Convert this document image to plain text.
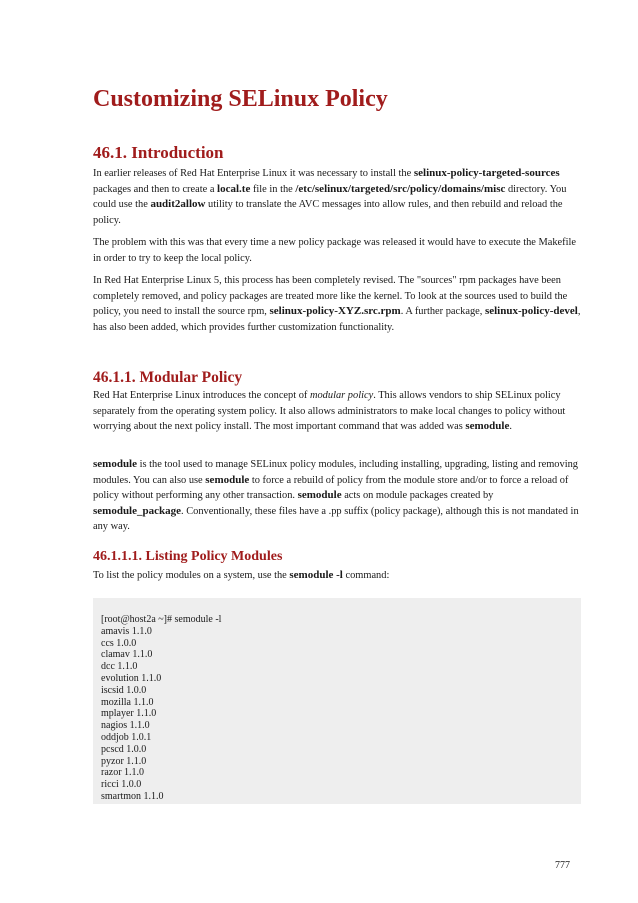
Customizing SELinux Policy
46.1. Introduction

In earlier releases of Red Hat Enterprise Linux it was necessary to install the selinux-policy-targeted-sources packages and then to create a local.te file in the /etc/selinux/targeted/src/policy/domains/misc directory. You could use the audit2allow utility to translate the AVC messages into allow rules, and then rebuild and reload the policy.

The problem with this was that every time a new policy package was released it would have to execute the Makefile in order to try to keep the local policy.

In Red Hat Enterprise Linux 5, this process has been completely revised. The "sources" rpm packages have been completely removed, and policy packages are treated more like the kernel. To look at the sources used to build the policy, you need to install the source rpm, selinux-policy-XYZ.src.rpm. A further package, selinux-policy-devel, has also been added, which provides further customization functionality.

46.1.1. Modular Policy

Red Hat Enterprise Linux introduces the concept of modular policy. This allows vendors to ship SELinux policy separately from the operating system policy. It also allows administrators to make local changes to policy without worrying about the next policy install. The most important command that was added was semodule.

semodule is the tool used to manage SELinux policy modules, including installing, upgrading, listing and removing modules. You can also use semodule to force a rebuild of policy from the module store and/or to force a reload of policy without performing any other transaction. semodule acts on module packages created by semodule_package. Conventionally, these files have a .pp suffix (policy package), although this is not mandated in any way.

46.1.1.1. Listing Policy Modules

To list the policy modules on a system, use the semodule -l command:

[root@host2a ~]# semodule -l
amavis 1.1.0
ccs 1.0.0
clamav 1.1.0
dcc 1.1.0
evolution 1.1.0
iscsid 1.0.0
mozilla 1.1.0
mplayer 1.1.0
nagios 1.1.0
oddjob 1.0.1
pcscd 1.0.0
pyzor 1.1.0
razor 1.1.0
ricci 1.0.0
smartmon 1.1.0
777
